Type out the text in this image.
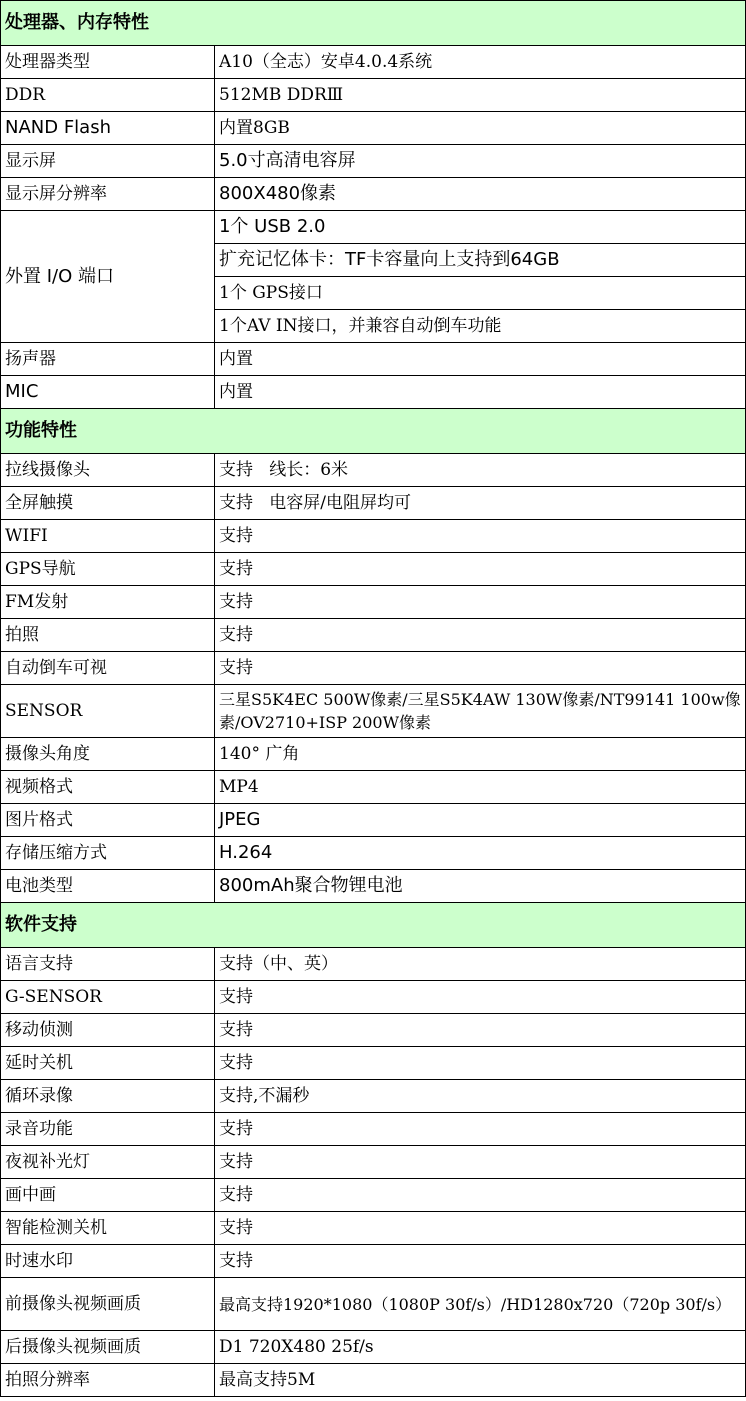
处理器、内存特性	
处理器类型	A10（全志）安卓4.0.4系统
DDR	512MB DDRⅢ
NAND Flash	内置8GB
显示屏	5.0寸高清电容屏
显示屏分辨率	800X480像素
外置 I/O 端口	1个 USB 2.0
	扩充记忆体卡：TF卡容量向上支持到64GB
	1个 GPS接口
	1个AV IN接口，并兼容自动倒车功能
扬声器	内置
MIC	内置
功能特性	
拉线摄像头	支持   线长：6米
全屏触摸	支持   电容屏/电阻屏均可
WIFI	支持
GPS导航	支持
FM发射	支持
拍照	支持
自动倒车可视	支持
SENSOR	三星S5K4EC 500W像素/三星S5K4AW 130W像素/NT99141 100w像素/OV2710+ISP 200W像素
摄像头角度	140° 广角
视频格式	MP4
图片格式	JPEG
存储压缩方式	H.264
电池类型	800mAh聚合物锂电池
软件支持	
语言支持	支持（中、英）
G-SENSOR	支持
移动侦测	支持
延时关机	支持
循环录像	支持,不漏秒
录音功能	支持
夜视补光灯	支持
画中画	支持
智能检测关机	支持
时速水印	支持
前摄像头视频画质	最高支持1920*1080（1080P 30f/s）/HD1280x720（720p 30f/s）
后摄像头视频画质	D1 720X480 25f/s
拍照分辨率	最高支持5M
